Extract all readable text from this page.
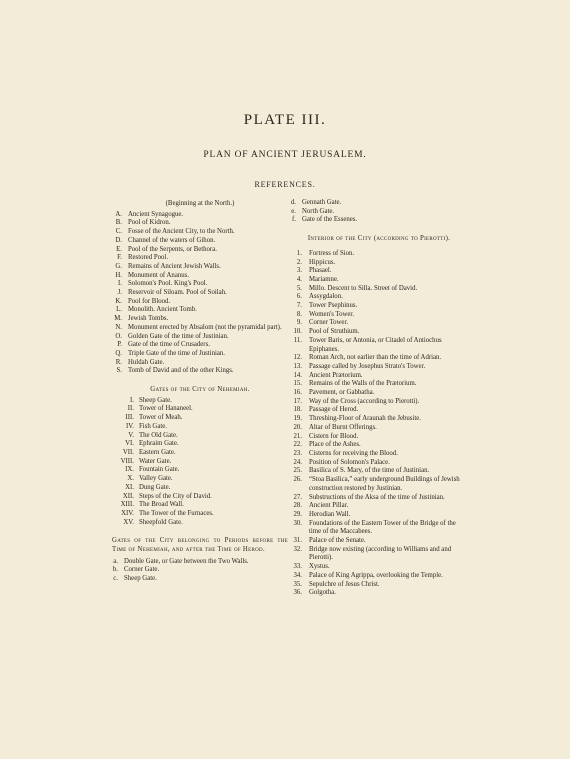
PLATE III.
PLAN OF ANCIENT JERUSALEM.
REFERENCES.
(Beginning at the North.)
A. Ancient Synagogue.
B. Pool of Kidron.
C. Fosse of the Ancient City, to the North.
D. Channel of the waters of Gihon.
E. Pool of the Serpents, or Bethora.
F. Restored Pool.
G. Remains of Ancient Jewish Walls.
H. Monument of Ananus.
I. Solomon's Pool. King's Pool.
J. Reservoir of Siloam. Pool of Soilah.
K. Pool for Blood.
L. Monolith. Ancient Tomb.
M. Jewish Tombs.
N. Monument erected by Absalom (not the pyramidal part).
O. Golden Gate of the time of Justinian.
P. Gate of the time of Crusaders.
Q. Triple Gate of the time of Justinian.
R. Huldah Gate.
S. Tomb of David and of the other Kings.
Gates of the City of Nehemiah.
I. Sheep Gate.
II. Tower of Hananeel.
III. Tower of Meah.
IV. Fish Gate.
V. The Old Gate.
VI. Ephraim Gate.
VII. Eastern Gate.
VIII. Water Gate.
IX. Fountain Gate.
X. Valley Gate.
XI. Dung Gate.
XII. Steps of the City of David.
XIII. The Broad Wall.
XIV. The Tower of the Furnaces.
XV. Sheepfold Gate.
Gates of the City belonging to Periods before the Time of Nehemiah, and after the Time of Herod.
a. Double Gate, or Gate between the Two Walls.
b. Corner Gate.
c. Sheep Gate.
d. Gennath Gate.
e. North Gate.
f. Gate of the Essenes.
Interior of the City (according to Pierotti).
1. Fortress of Sion.
2. Hippicus.
3. Phasael.
4. Mariamne.
5. Millo. Descent to Silla. Street of David.
6. Assygdalon.
7. Tower Psephinus.
8. Women's Tower.
9. Corner Tower.
10. Pool of Struthium.
11. Tower Baris, or Antonia, or Citadel of Antiochus Epiphanes.
12. Roman Arch, not earlier than the time of Adrian.
13. Passage called by Josephus Strato's Tower.
14. Ancient Prætorium.
15. Remains of the Walls of the Prætorium.
16. Pavement, or Gabbatha.
17. Way of the Cross (according to Pierotti).
18. Passage of Herod.
19. Threshing-Floor of Araunah the Jebusite.
20. Altar of Burnt Offerings.
21. Cistern for Blood.
22. Place of the Ashes.
23. Cisterns for receiving the Blood.
24. Position of Solomon's Palace.
25. Basilica of S. Mary, of the time of Justinian.
26. “Stoa Basilica,” early underground Buildings of Jewish construction restored by Justinian.
27. Substructions of the Aksa of the time of Justinian.
28. Ancient Pillar.
29. Herodian Wall.
30. Foundations of the Eastern Tower of the Bridge of the time of the Maccabees.
31. Palace of the Senate.
32. Bridge now existing (according to Williams and and Pierotti).
33. Xystus.
34. Palace of King Agrippa, overlooking the Temple.
35. Sepulchre of Jesus Christ.
36. Golgotha.
